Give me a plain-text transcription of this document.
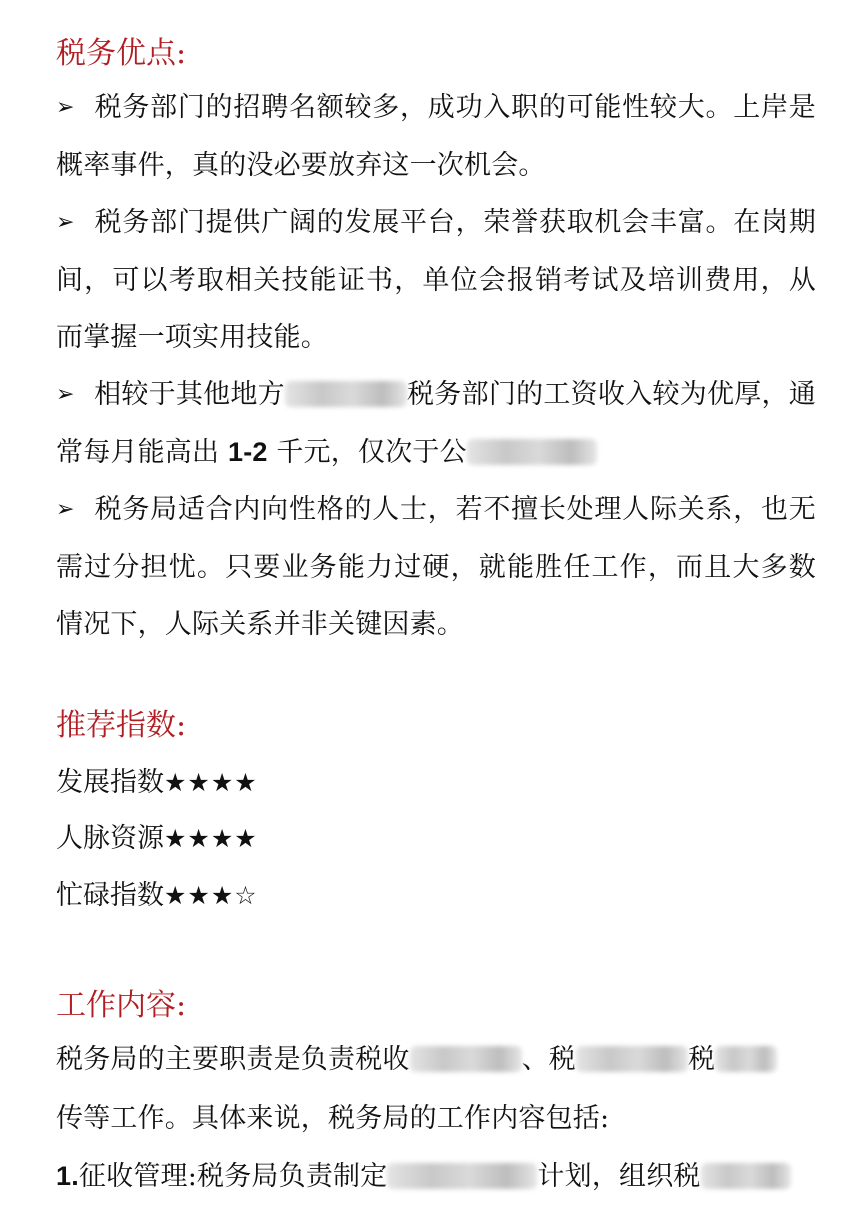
税务优点:
➢ 税务部门的招聘名额较多，成功入职的可能性较大。上岸是概率事件，真的没必要放弃这一次机会。
➢ 税务部门提供广阔的发展平台，荣誉获取机会丰富。在岗期间，可以考取相关技能证书，单位会报销考试及培训费用，从而掌握一项实用技能。
➢ 相较于其他地方	税务部门的工资收入较为优厚，通常每月能高出 1-2 千元，仅次于公
➢ 税务局适合内向性格的人士，若不擅长处理人际关系，也无需过分担忧。只要业务能力过硬，就能胜任工作，而且大多数情况下，人际关系并非关键因素。
推荐指数:
发展指数★★★★
人脉资源★★★★
忙碌指数★★★☆
工作内容:
税务局的主要职责是负责税收	、税	税
传等工作。具体来说，税务局的工作内容包括:
1.征收管理:税务局负责制定	计划，组织税
